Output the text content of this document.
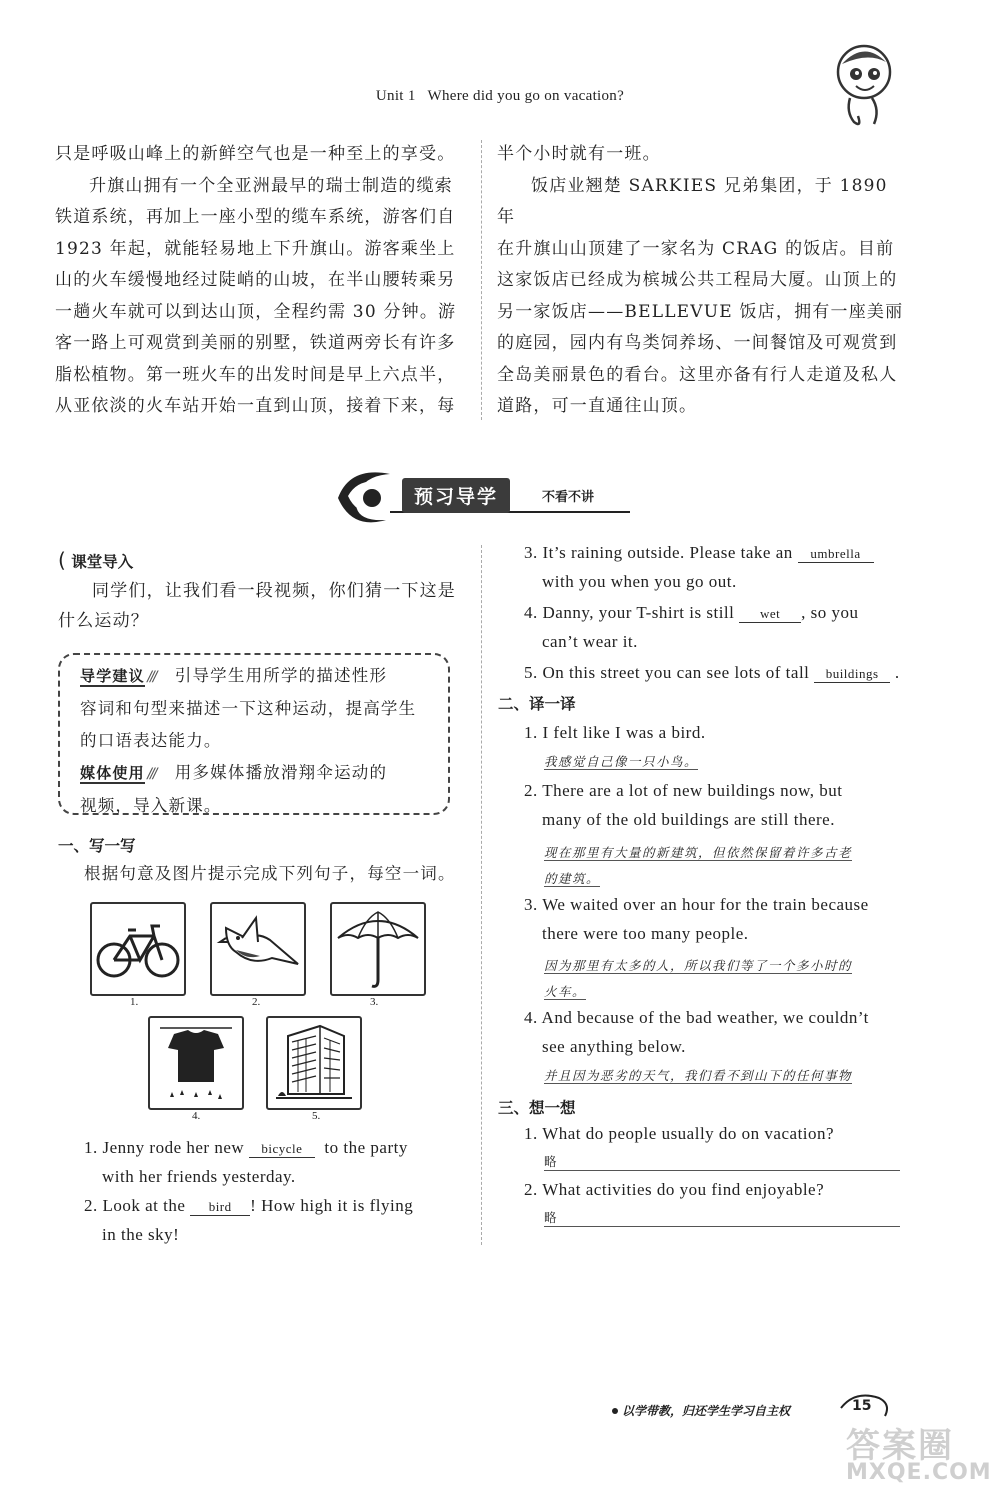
Unit 1 Where did you go on vacation?

只是呼吸山峰上的新鲜空气也是一种至上的享受。

升旗山拥有一个全亚洲最早的瑞士制造的缆索

铁道系统，再加上一座小型的缆车系统，游客们自

1923 年起，就能轻易地上下升旗山。游客乘坐上

山的火车缓慢地经过陡峭的山坡，在半山腰转乘另

一趟火车就可以到达山顶，全程约需 30 分钟。游

客一路上可观赏到美丽的别墅，铁道两旁长有许多

脂松植物。第一班火车的出发时间是早上六点半，

从亚依淡的火车站开始一直到山顶，接着下来，每

半个小时就有一班。

饭店业翘楚 SARKIES 兄弟集团，于 1890 年

在升旗山山顶建了一家名为 CRAG 的饭店。目前

这家饭店已经成为槟城公共工程局大厦。山顶上的

另一家饭店——BELLEVUE 饭店，拥有一座美丽

的庭园，园内有鸟类饲养场、一间餐馆及可观赏到

全岛美丽景色的看台。这里亦备有行人走道及私人

道路，可一直通往山顶。

预习导学	不看不讲
( 课堂导入

同学们，让我们看一段视频，你们猜一下这是

什么运动？

导学建议 /// 引导学生用所学的描述性形

容词和句型来描述一下这种运动，提高学生

的口语表达能力。

媒体使用 /// 用多媒体播放滑翔伞运动的

视频，导入新课。

一、写一写
根据句意及图片提示完成下列句子，每空一词。
1.	2.	3.
4.	5.
1. Jenny rode her new bicycle to the party
with her friends yesterday.
2. Look at the bird ! How high it is flying
in the sky!
3. It’s raining outside. Please take an umbrella
with you when you go out.
4. Danny, your T-shirt is still wet , so you
can’t wear it.
5. On this street you can see lots of tall buildings .
二、译一译
1. I felt like I was a bird.
我感觉自己像一只小鸟。
2. There are a lot of new buildings now, but
many of the old buildings are still there.
现在那里有大量的新建筑，但依然保留着许多古老
的建筑。
3. We waited over an hour for the train because
there were too many people.
因为那里有太多的人，所以我们等了一个多小时的
火车。
4. And because of the bad weather, we couldn’t
see anything below.
并且因为恶劣的天气，我们看不到山下的任何事物
三、想一想
1. What do people usually do on vacation?
略
2. What activities do you find enjoyable?
略
以学带教，归还学生学习自主权	15
答案圈
MXQE.COM
